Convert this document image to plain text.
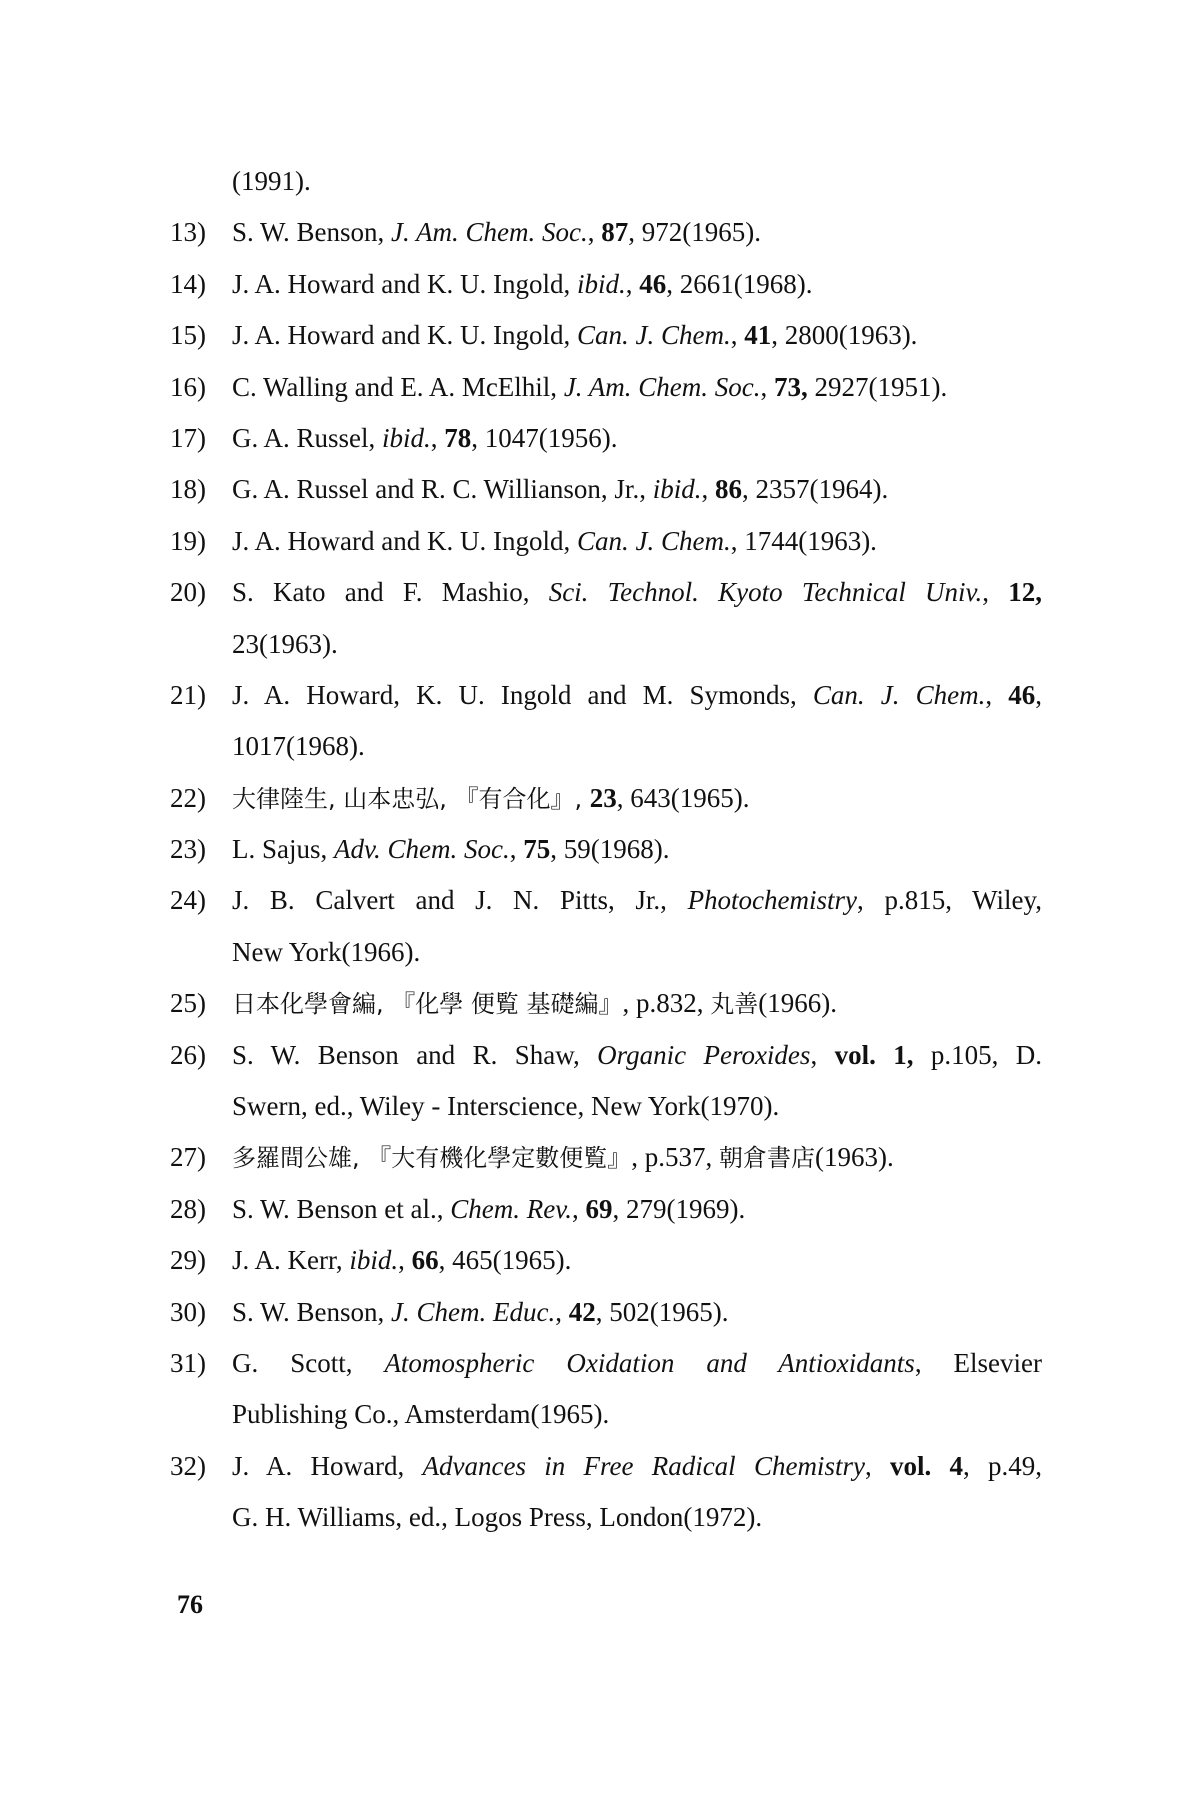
(1991).
13) S. W. Benson, J. Am. Chem. Soc., 87, 972(1965).
14) J. A. Howard and K. U. Ingold, ibid., 46, 2661(1968).
15) J. A. Howard and K. U. Ingold, Can. J. Chem., 41, 2800(1963).
16) C. Walling and E. A. McElhil, J. Am. Chem. Soc., 73, 2927(1951).
17) G. A. Russel, ibid., 78, 1047(1956).
18) G. A. Russel and R. C. Willianson, Jr., ibid., 86, 2357(1964).
19) J. A. Howard and K. U. Ingold, Can. J. Chem., 1744(1963).
20) S. Kato and F. Mashio, Sci. Technol. Kyoto Technical Univ., 12,
23(1963).
21) J. A. Howard, K. U. Ingold and M. Symonds, Can. J. Chem., 46,
1017(1968).
22)	大律陸生, 山本忠弘, 『有合化』, 23, 643(1965).
23) L. Sajus, Adv. Chem. Soc., 75, 59(1968).
24) J. B. Calvert and J. N. Pitts, Jr., Photochemistry, p.815, Wiley,
New York(1966).
25)	日本化學會編, 『化學 便覧 基礎編』, p.832, 丸善(1966).
26) S. W. Benson and R. Shaw, Organic Peroxides, vol. 1, p.105, D.
Swern, ed., Wiley - Interscience, New York(1970).
27)	多羅間公雄, 『大有機化學定數便覧』, p.537, 朝倉書店(1963).
28) S. W. Benson et al., Chem. Rev., 69, 279(1969).
29) J. A. Kerr, ibid., 66, 465(1965).
30) S. W. Benson, J. Chem. Educ., 42, 502(1965).
31) G. Scott, Atomospheric Oxidation and Antioxidants, Elsevier
Publishing Co., Amsterdam(1965).
32) J. A. Howard, Advances in Free Radical Chemistry, vol. 4, p.49,
G. H. Williams, ed., Logos Press, London(1972).
76
